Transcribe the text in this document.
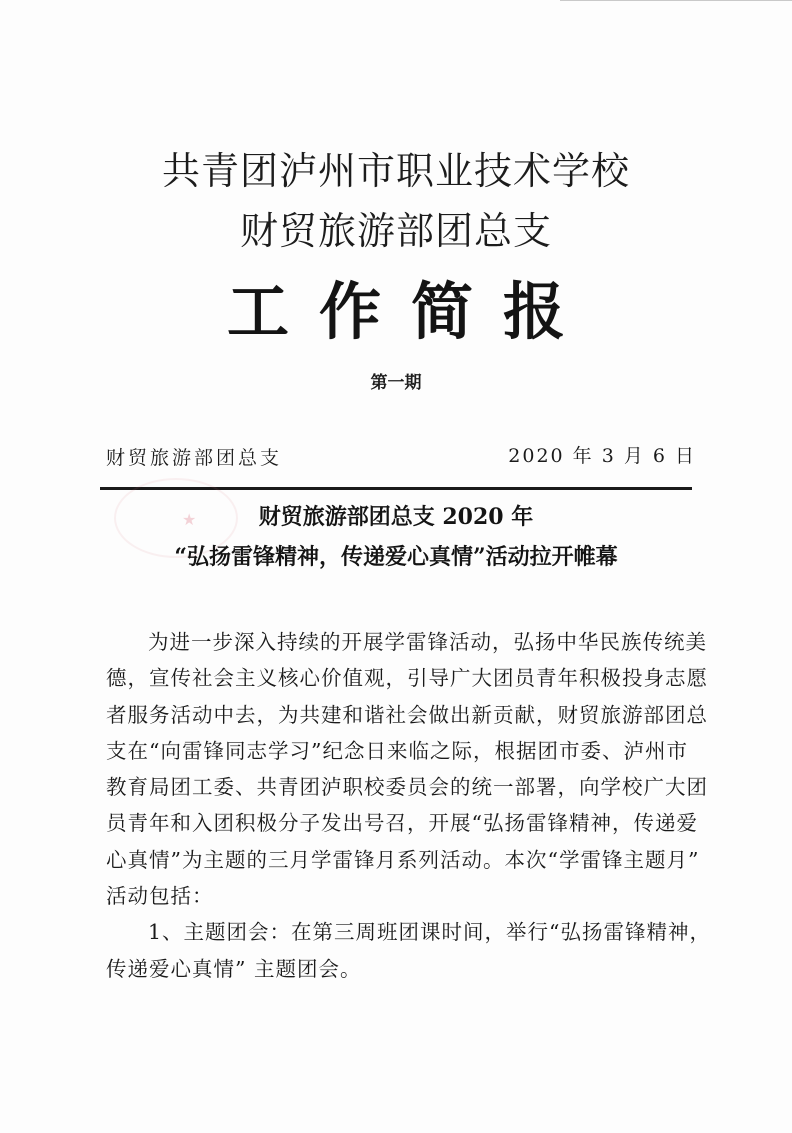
共青团泸州市职业技术学校
财贸旅游部团总支
工作简报
第一期
财贸旅游部团总支	2020 年 3 月 6 日
★	财贸旅游部团总支 2020 年
“弘扬雷锋精神，传递爱心真情”活动拉开帷幕
为进一步深入持续的开展学雷锋活动，弘扬中华民族传统美
德，宣传社会主义核心价值观，引导广大团员青年积极投身志愿
者服务活动中去，为共建和谐社会做出新贡献，财贸旅游部团总
支在“向雷锋同志学习”纪念日来临之际，根据团市委、泸州市
教育局团工委、共青团泸职校委员会的统一部署，向学校广大团
员青年和入团积极分子发出号召，开展“弘扬雷锋精神，传递爱
心真情”为主题的三月学雷锋月系列活动。本次“学雷锋主题月”
活动包括：
1、主题团会：在第三周班团课时间，举行“弘扬雷锋精神，
传递爱心真情” 主题团会。
